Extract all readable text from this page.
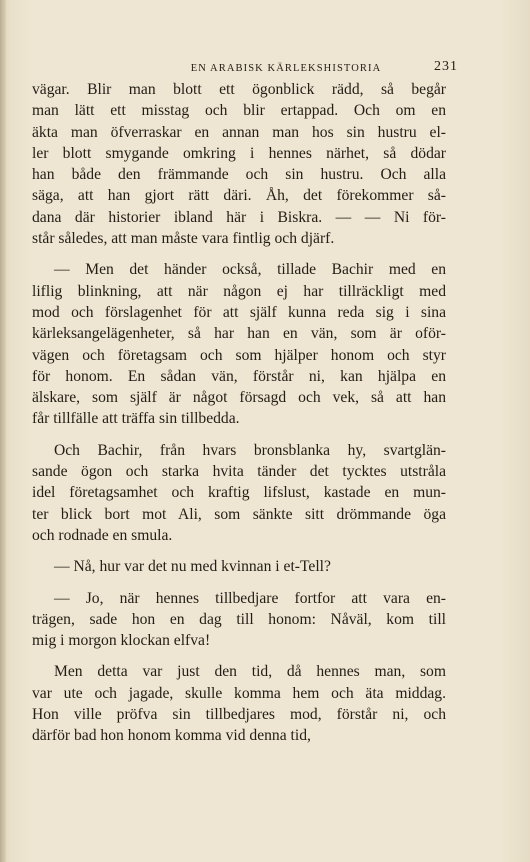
EN ARABISK KÄRLEKSHISTORIA	231
vägar. Blir man blott ett ögonblick rädd, så begår
man lätt ett misstag och blir ertappad. Och om en
äkta man öfverraskar en annan man hos sin hustru el-
ler blott smygande omkring i hennes närhet, så dödar
han både den främmande och sin hustru. Och alla
säga, att han gjort rätt däri. Åh, det förekommer så-
dana där historier ibland här i Biskra. — — Ni för-
står således, att man måste vara fintlig och djärf.
— Men det händer också, tillade Bachir med en
liflig blinkning, att när någon ej har tillräckligt med
mod och förslagenhet för att själf kunna reda sig i sina
kärleksangelägenheter, så har han en vän, som är oför-
vägen och företagsam och som hjälper honom och styr
för honom. En sådan vän, förstår ni, kan hjälpa en
älskare, som själf är något försagd och vek, så att han
får tillfälle att träffa sin tillbedda.
Och Bachir, från hvars bronsblanka hy, svartglän-
sande ögon och starka hvita tänder det tycktes utstråla
idel företagsamhet och kraftig lifslust, kastade en mun-
ter blick bort mot Ali, som sänkte sitt drömmande öga
och rodnade en smula.
— Nå, hur var det nu med kvinnan i et-Tell?
— Jo, när hennes tillbedjare fortfor att vara en-
trägen, sade hon en dag till honom: Nåväl, kom till
mig i morgon klockan elfva!
Men detta var just den tid, då hennes man, som
var ute och jagade, skulle komma hem och äta middag.
Hon ville pröfva sin tillbedjares mod, förstår ni, och
därför bad hon honom komma vid denna tid,
